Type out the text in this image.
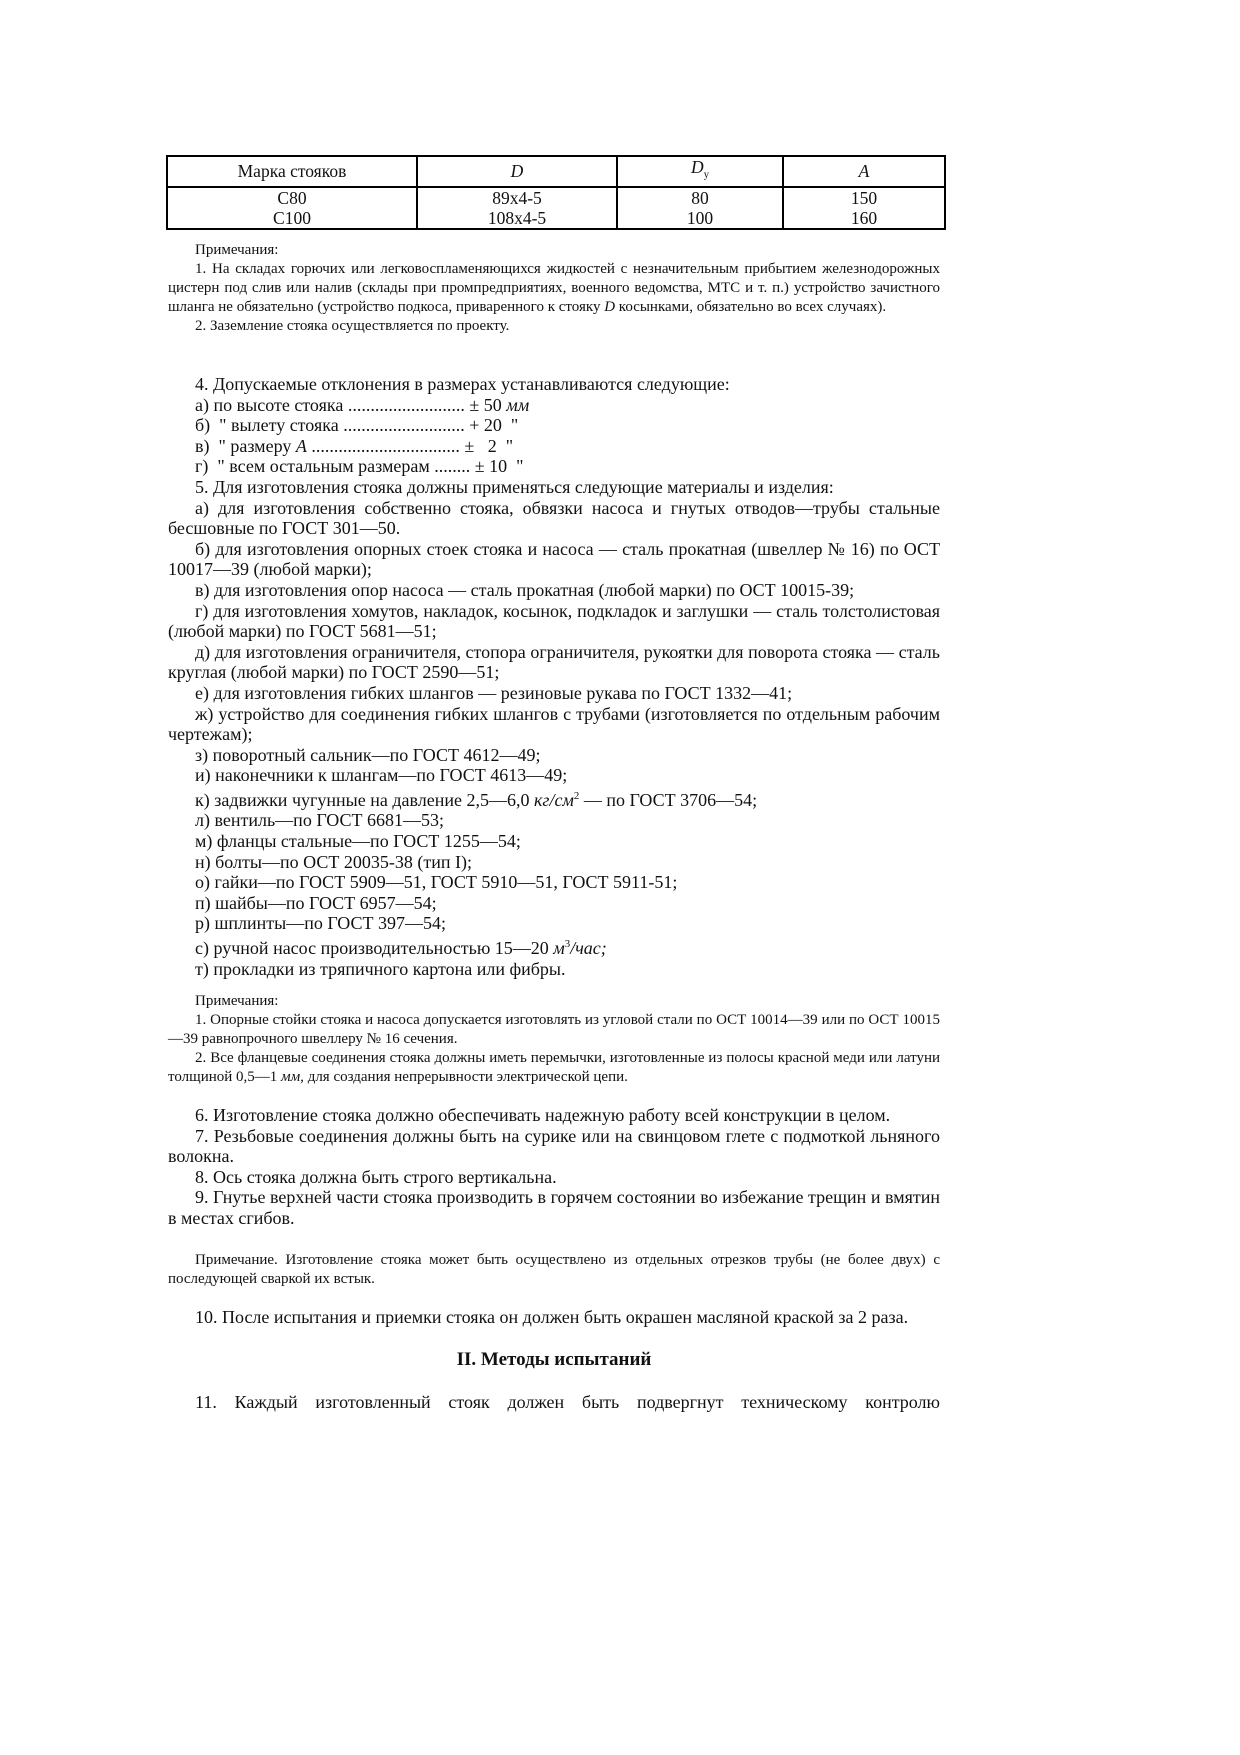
Марка стояков	D	$D_у$	A
С80	89x4-5	80	150
С100	108x4-5	100	160

Примечания:

1. На складах горючих или легковоспламеняющихся жидкостей с незначительным прибытием железнодорожных цистерн под слив или налив (склады при промпредприятиях, военного ведомства, МТС и т. п.) устройство зачистного шланга не обязательно (устройство подкоса, приваренного к стояку D косынками, обязательно во всех случаях).

2. Заземление стояка осуществляется по проекту.

4. Допускаемые отклонения в размерах устанавливаются следующие:

а) по высоте стояка .......................... ± 50 мм

б)  " вылету стояка ........................... + 20  "

в)  " размеру A ................................. ±   2  "

г)  " всем остальным размерам ........ ± 10  "

5. Для изготовления стояка должны применяться следующие материалы и изделия:

а) для изготовления собственно стояка, обвязки насоса и гнутых отводов—трубы стальные бесшовные по ГОСТ 301—50.

б) для изготовления опорных стоек стояка и насоса — сталь прокатная (швеллер № 16) по ОСТ 10017—39 (любой марки);

в) для изготовления опор насоса — сталь прокатная (любой марки) по ОСТ 10015-39;

г) для изготовления хомутов, накладок, косынок, подкладок и заглушки — сталь толстолистовая (любой марки) по ГОСТ 5681—51;

д) для изготовления ограничителя, стопора ограничителя, рукоятки для поворота стояка — сталь круглая (любой марки) по ГОСТ 2590—51;

е) для изготовления гибких шлангов — резиновые рукава по ГОСТ 1332—41;

ж) устройство для соединения гибких шлангов с трубами (изготовляется по отдельным рабочим чертежам);

з) поворотный сальник—по ГОСТ 4612—49;

и) наконечники к шлангам—по ГОСТ 4613—49;

к) задвижки чугунные на давление 2,5—6,0 $кг/см^2$ — по ГОСТ 3706—54;

л) вентиль—по ГОСТ 6681—53;

м) фланцы стальные—по ГОСТ 1255—54;

н) болты—по ОСТ 20035-38 (тип I);

о) гайки—по ГОСТ 5909—51, ГОСТ 5910—51, ГОСТ 5911-51;

п) шайбы—по ГОСТ 6957—54;

р) шплинты—по ГОСТ 397—54;

с) ручной насос производительностью 15—20 $м^3$/час;

т) прокладки из тряпичного картона или фибры.

Примечания:

1. Опорные стойки стояка и насоса допускается изготовлять из угловой стали по ОСТ 10014—39 или по ОСТ 10015—39 равнопрочного швеллеру № 16 сечения.

2. Все фланцевые соединения стояка должны иметь перемычки, изготовленные из полосы красной меди или латуни толщиной 0,5—1 мм, для создания непрерывности электрической цепи.

6. Изготовление стояка должно обеспечивать надежную работу всей конструкции в целом.

7. Резьбовые соединения должны быть на сурике или на свинцовом глете с подмоткой льняного волокна.

8. Ось стояка должна быть строго вертикальна.

9. Гнутье верхней части стояка производить в горячем состоянии во избежание трещин и вмятин в местах сгибов.

Примечание. Изготовление стояка может быть осуществлено из отдельных отрезков трубы (не более двух) с последующей сваркой их встык.

10. После испытания и приемки стояка он должен быть окрашен масляной краской за 2 раза.

II. Методы испытаний

11. Каждый изготовленный стояк должен быть подвергнут техническому контролю
